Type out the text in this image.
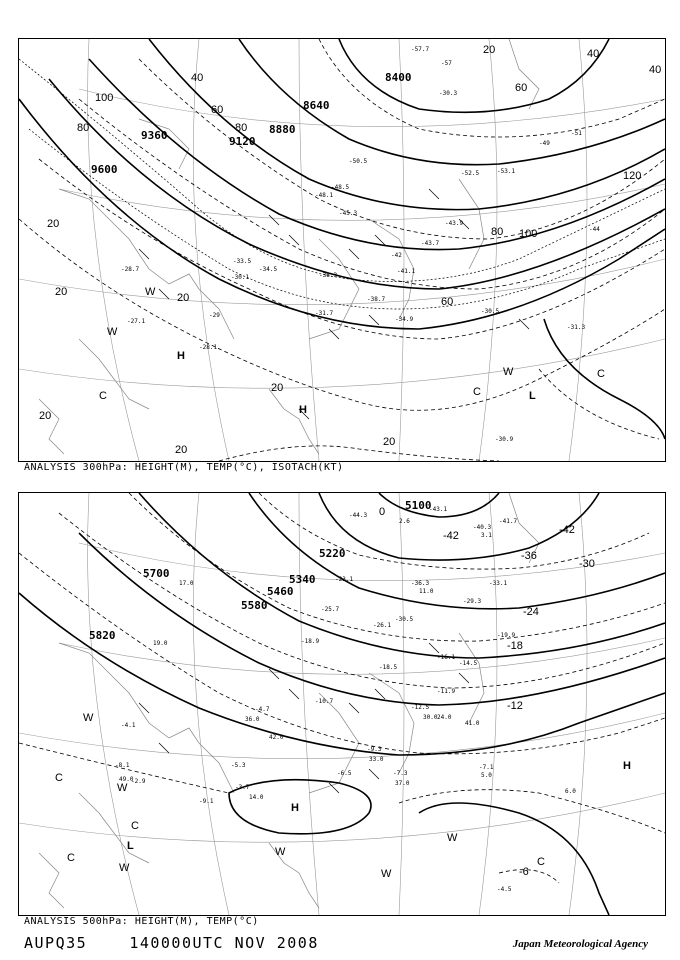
8400
8640
8880
9120
9360
9600
20	40
60
80
100
120
20
40
60
80
100
40
20	20
20
20
20
20
80
60
-57.7
-57
-50.5
-48.5
-48.1
-45.3
-43.7
-43.9
-42
-41.1
-38.7
-36.3
-34.9
-34.5
-33.5
-31.7	-30.5
-30.1
-29
-28.7
-28.1
-27.1
-31.3
-30.9
-30.3
-53.1
-52.5
-51
-49
-44
H
H
L
W
W
W
C	C
C
ANALYSIS 300hPa: HEIGHT(M), TEMP(°C), ISOTACH(KT)
5100
5220
5340
5460
5580
5700
5820
-42
-36
-30
-24
-18
-12
-6
0
-42
-43.1
-44.3
-40.3
-41.7
-33.1
-36.3
-30.5
-29.3
-25.7
-26.1
-23.1
-19.9
-18.9
-18.5
-16.1
-14.5
-12.5
-11.9
-10.7
-9.3
-7.3
-6.5
-5.3
-4.5
-8.1
-9.1
-4.7
-3.7
-2.9
-4.1
-7.1
2.6
3.1
5.0
6.0
11.0
14.0
24.0
30.0
33.0
36.0
37.0
41.0
42.0
49.0
19.0
17.0
H
H
L
W
W
W
W
W
W
C
C
C	C
ANALYSIS 500hPa: HEIGHT(M), TEMP(°C)
AUPQ35	140000UTC NOV 2008	Japan Meteorological Agency
